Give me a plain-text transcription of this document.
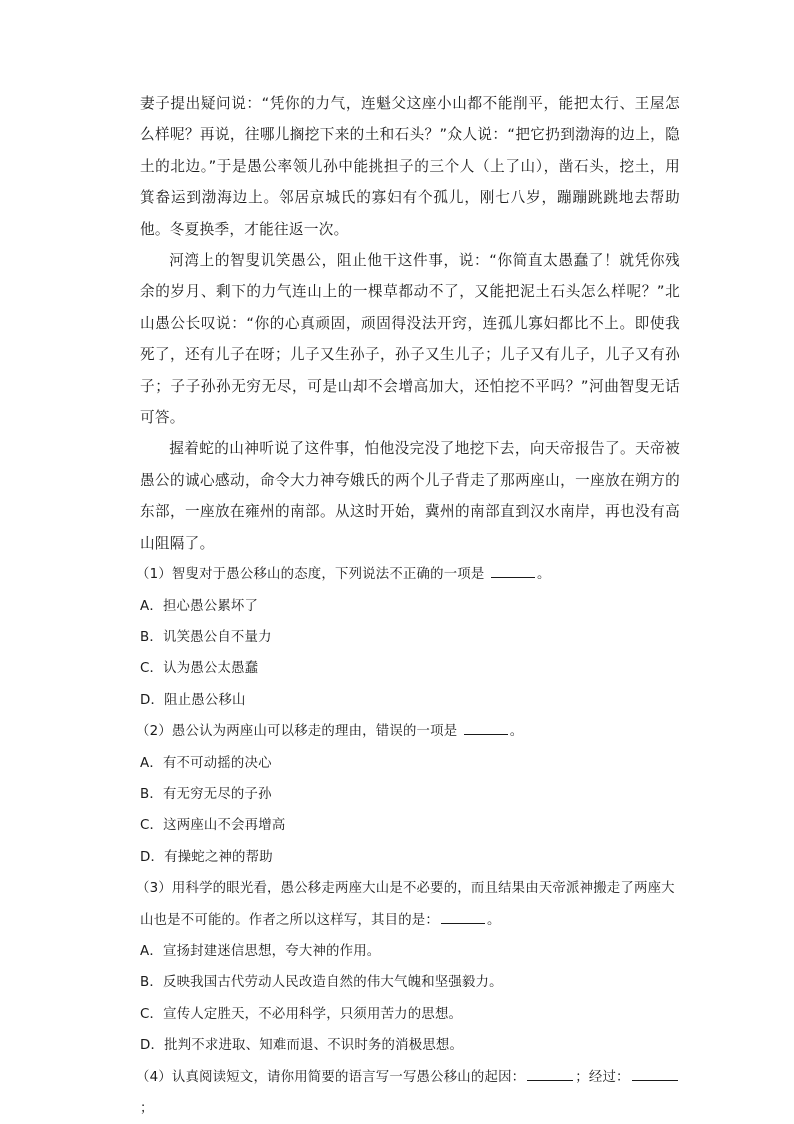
妻子提出疑问说：“凭你的力气，连魁父这座小山都不能削平，能把太行、王屋怎么样呢？再说，往哪儿搁挖下来的土和石头？”众人说：“把它扔到渤海的边上，隐土的北边。”于是愚公率领儿孙中能挑担子的三个人（上了山），凿石头，挖土，用箕畚运到渤海边上。邻居京城氏的寡妇有个孤儿，刚七八岁，蹦蹦跳跳地去帮助他。冬夏换季，才能往返一次。

河湾上的智叟讥笑愚公，阻止他干这件事，说：“你简直太愚蠢了！就凭你残余的岁月、剩下的力气连山上的一棵草都动不了，又能把泥土石头怎么样呢？”北山愚公长叹说：“你的心真顽固，顽固得没法开窍，连孤儿寡妇都比不上。即使我死了，还有儿子在呀；儿子又生孙子，孙子又生儿子；儿子又有儿子，儿子又有孙子；子子孙孙无穷无尽，可是山却不会增高加大，还怕挖不平吗？”河曲智叟无话可答。

握着蛇的山神听说了这件事，怕他没完没了地挖下去，向天帝报告了。天帝被愚公的诚心感动，命令大力神夸娥氏的两个儿子背走了那两座山，一座放在朔方的东部，一座放在雍州的南部。从这时开始，冀州的南部直到汉水南岸，再也没有高山阻隔了。

（1）智叟对于愚公移山的态度，下列说法不正确的一项是	。

A．担心愚公累坏了

B．讥笑愚公自不量力

C．认为愚公太愚蠢

D．阻止愚公移山

（2）愚公认为两座山可以移走的理由，错误的一项是	。

A．有不可动摇的决心

B．有无穷无尽的子孙

C．这两座山不会再增高

D．有操蛇之神的帮助

（3）用科学的眼光看，愚公移走两座大山是不必要的，而且结果由天帝派神搬走了两座大山也是不可能的。作者之所以这样写，其目的是：	。

A．宣扬封建迷信思想，夸大神的作用。

B．反映我国古代劳动人民改造自然的伟大气魄和坚强毅力。

C．宣传人定胜天，不必用科学，只须用苦力的思想。

D．批判不求进取、知难而退、不识时务的消极思想。

（4）认真阅读短文，请你用简要的语言写一写愚公移山的起因：	；经过：；
